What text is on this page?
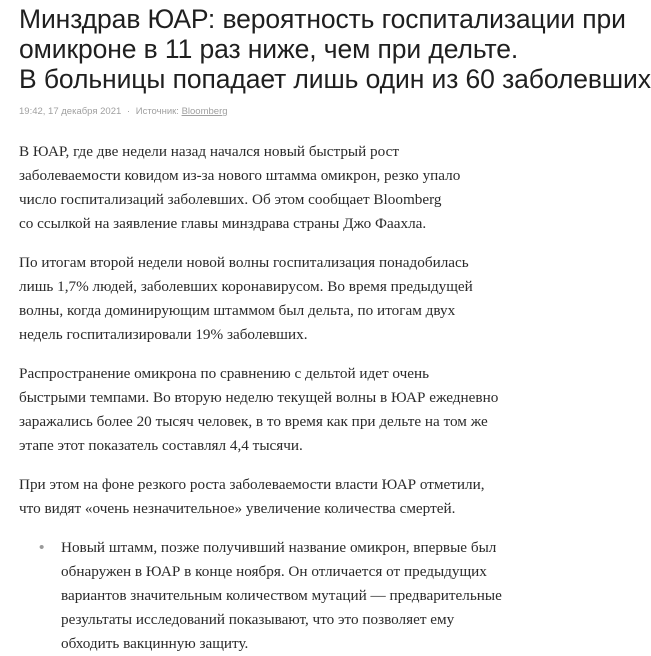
Минздрав ЮАР: вероятность госпитализации при
омикроне в 11 раз ниже, чем при дельте.
В больницы попадает лишь один из 60 заболевших
19:42, 17 декабря 2021 · Источник: Bloomberg

В ЮАР, где две недели назад начался новый быстрый рост
заболеваемости ковидом из-за нового штамма омикрон, резко упало
число госпитализаций заболевших. Об этом сообщает Bloomberg
со ссылкой на заявление главы минздрава страны Джо Фаахла.

По итогам второй недели новой волны госпитализация понадобилась
лишь 1,7% людей, заболевших коронавирусом. Во время предыдущей
волны, когда доминирующим штаммом был дельта, по итогам двух
недель госпитализировали 19% заболевших.

Распространение омикрона по сравнению с дельтой идет очень
быстрыми темпами. Во вторую неделю текущей волны в ЮАР ежедневно
заражались более 20 тысяч человек, в то время как при дельте на том же
этапе этот показатель составлял 4,4 тысячи.

При этом на фоне резкого роста заболеваемости власти ЮАР отметили,
что видят «очень незначительное» увеличение количества смертей.

• Новый штамм, позже получивший название омикрон, впервые был
обнаружен в ЮАР в конце ноября. Он отличается от предыдущих
вариантов значительным количеством мутаций — предварительные
результаты исследований показывают, что это позволяет ему
обходить вакцинную защиту.
